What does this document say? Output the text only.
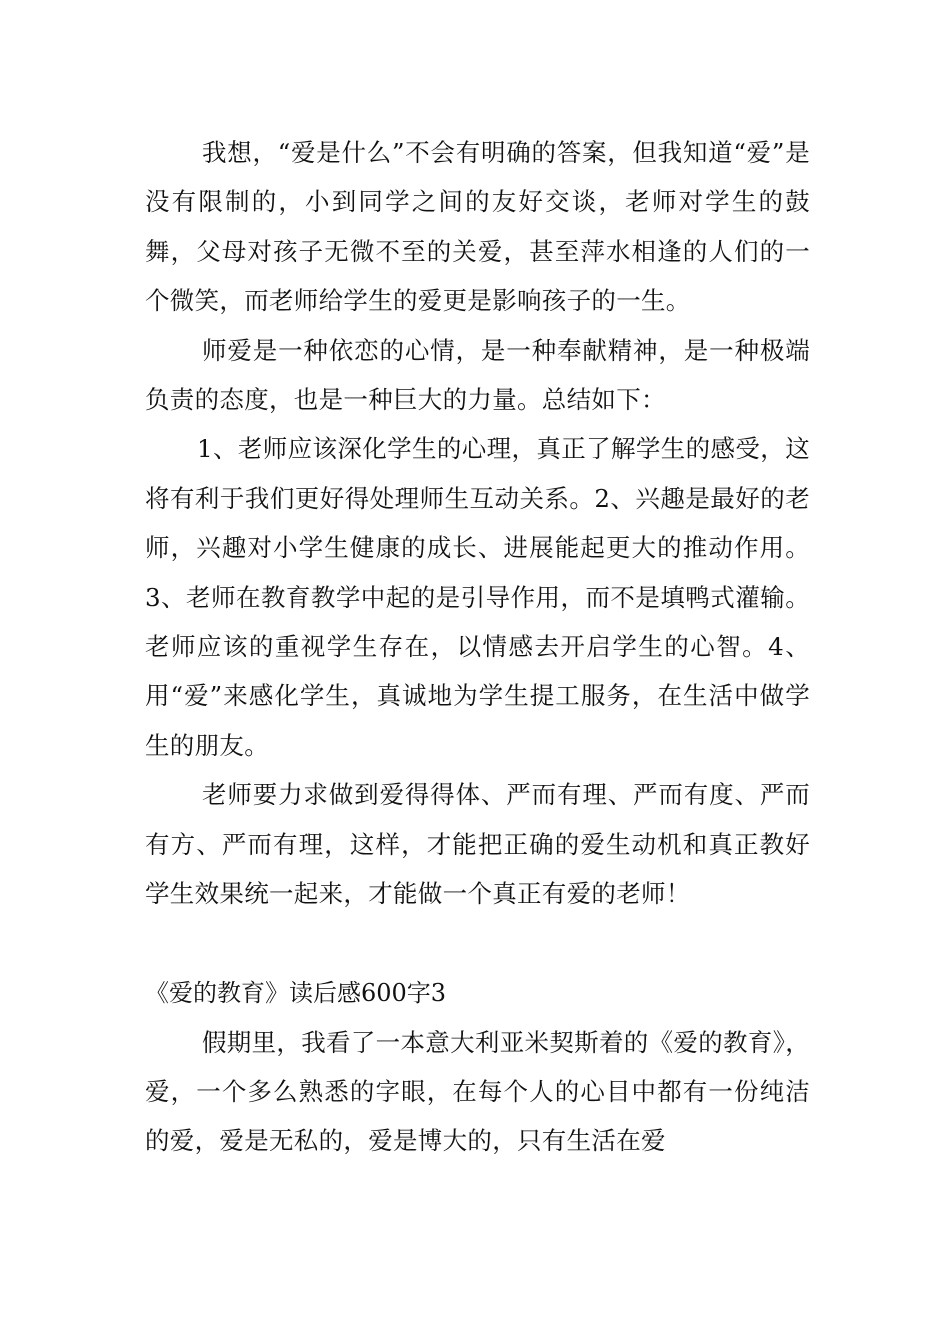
我想，“爱是什么”不会有明确的答案，但我知道“爱”是没有限制的，小到同学之间的友好交谈，老师对学生的鼓舞，父母对孩子无微不至的关爱，甚至萍水相逢的人们的一个微笑，而老师给学生的爱更是影响孩子的一生。

师爱是一种依恋的心情，是一种奉献精神，是一种极端负责的态度，也是一种巨大的力量。总结如下：

1、老师应该深化学生的心理，真正了解学生的感受，这将有利于我们更好得处理师生互动关系。2、兴趣是最好的老师，兴趣对小学生健康的成长、进展能起更大的推动作用。3、老师在教育教学中起的是引导作用，而不是填鸭式灌输。老师应该的重视学生存在，以情感去开启学生的心智。4、用“爱”来感化学生，真诚地为学生提工服务，在生活中做学生的朋友。

老师要力求做到爱得得体、严而有理、严而有度、严而有方、严而有理，这样，才能把正确的爱生动机和真正教好学生效果统一起来，才能做一个真正有爱的老师！

《爱的教育》读后感600字3

假期里，我看了一本意大利亚米契斯着的《爱的教育》，爱，一个多么熟悉的字眼，在每个人的心目中都有一份纯洁的爱，爱是无私的，爱是博大的，只有生活在爱
